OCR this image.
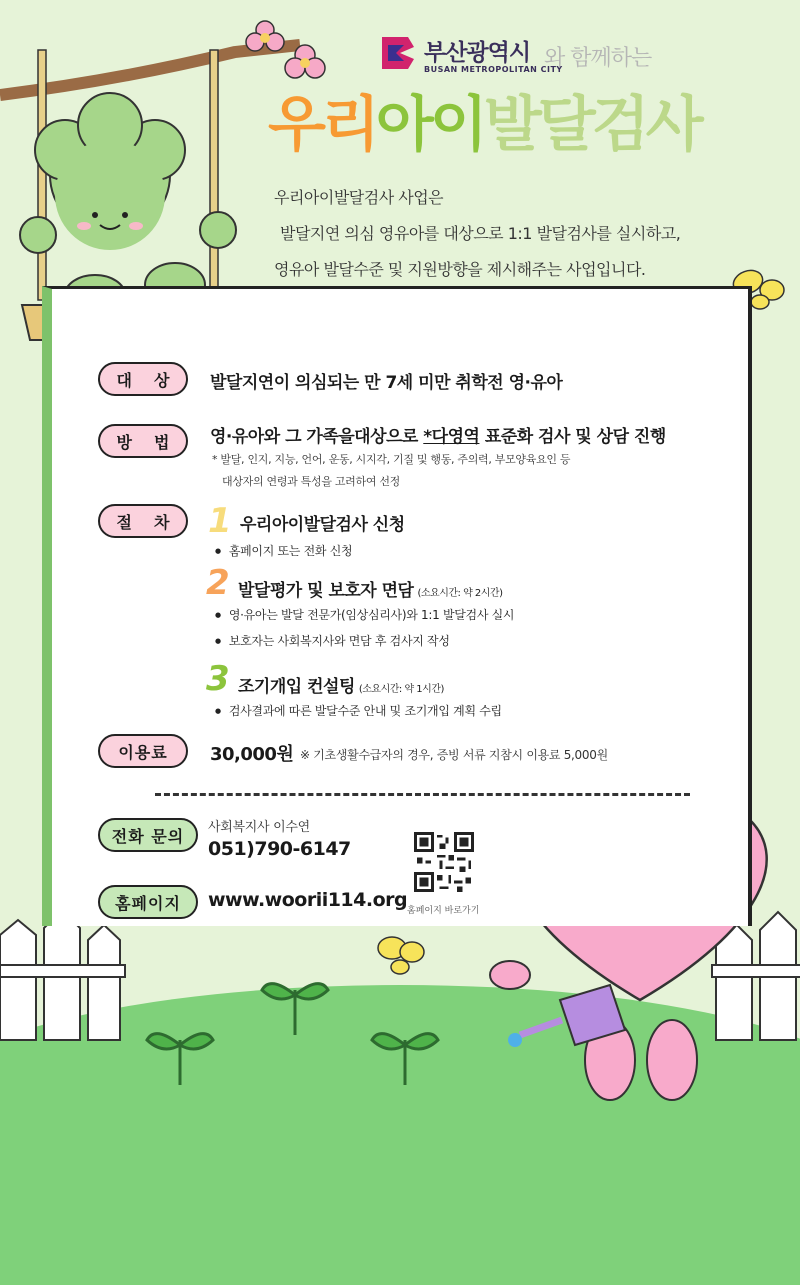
부산광역시
BUSAN METROPOLITAN CITY
와 함께하는
우리아이발달검사
우리아이발달검사 사업은
발달지연 의심 영유아를 대상으로 1:1 발달검사를 실시하고,
영유아 발달수준 및 지원방향을 제시해주는 사업입니다.
대상 발달지연이 의심되는 만 7세 미만 취학전 영·유아
방법 영·유아와 그 가족을대상으로 *다영역 표준화 검사 및 상담 진행
* 발달, 인지, 지능, 언어, 운동, 시지각, 기질 및 행동, 주의력, 부모양육요인 등
대상자의 연령과 특성을 고려하여 선정
절차 1 우리아이발달검사 신청
● 홈페이지 또는 전화 신청
2 발달평가 및 보호자 면담 (소요시간: 약 2시간)
● 영·유아는 발달 전문가(임상심리사)와 1:1 발달검사 실시
● 보호자는 사회복지사와 면담 후 검사지 작성
3 조기개입 컨설팅 (소요시간: 약 1시간)
● 검사결과에 따른 발달수준 안내 및 조기개입 계획 수립
이용료	30,000원 ※ 기초생활수급자의 경우, 증빙 서류 지참시 이용료 5,000원
전화 문의	사회복지사 이수연
051)790-6147
홈페이지	www.woorii114.org 홈페이지 바로가기
